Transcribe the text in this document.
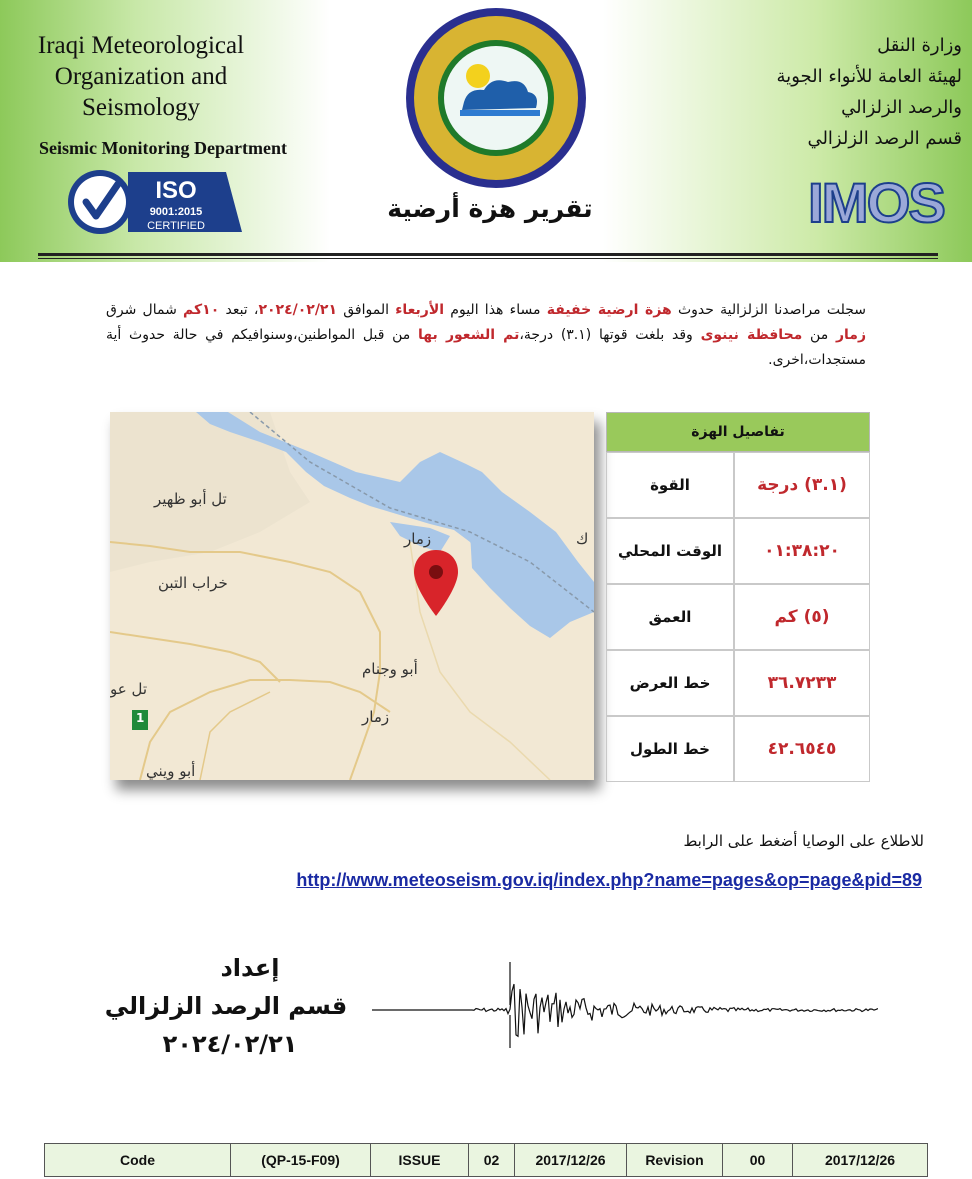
Iraqi Meteorological
Organization and
Seismology
Seismic Monitoring Department
ISO
9001:2015
CERTIFIED
وزارة النقل
لهيئة العامة للأنواء الجوية
والرصد الزلزالي
قسم الرصد الزلزالي
IMOS
تقرير هزة أرضية
سجلت مراصدنا الزلزالية حدوث هزة ارضية خفيفة مساء هذا اليوم الأربعاء الموافق ٢٠٢٤/٠٢/٢١، تبعد ١٠كم شمال شرق زمار من محافظة نينوى وقد بلغت قوتها (٣.١) درجة،تم الشعور بها من قبل المواطنين،وسنوافيكم في حالة حدوث أية مستجدات،اخرى.
تل أبو ظهير
زمار
خراب التبن
أبو وجنام
زمار
تل عو
أبو ويني
ك
1
تفاصيل الهزة
القوة	(٣.١) درجة
الوقت المحلي ٠١:٣٨:٢٠
العمق	(٥) كم
خط العرض	٣٦.٧٢٣٣
خط الطول	٤٢.٦٥٤٥
للاطلاع على الوصايا أضغط على الرابط
http://www.meteoseism.gov.iq/index.php?name=pages&op=page&pid=89
إعداد
قسم الرصد الزلزالي
٢٠٢٤/٠٢/٢١
Code	(QP-15-F09)	ISSUE	02	2017/12/26	Revision	00	2017/12/26
